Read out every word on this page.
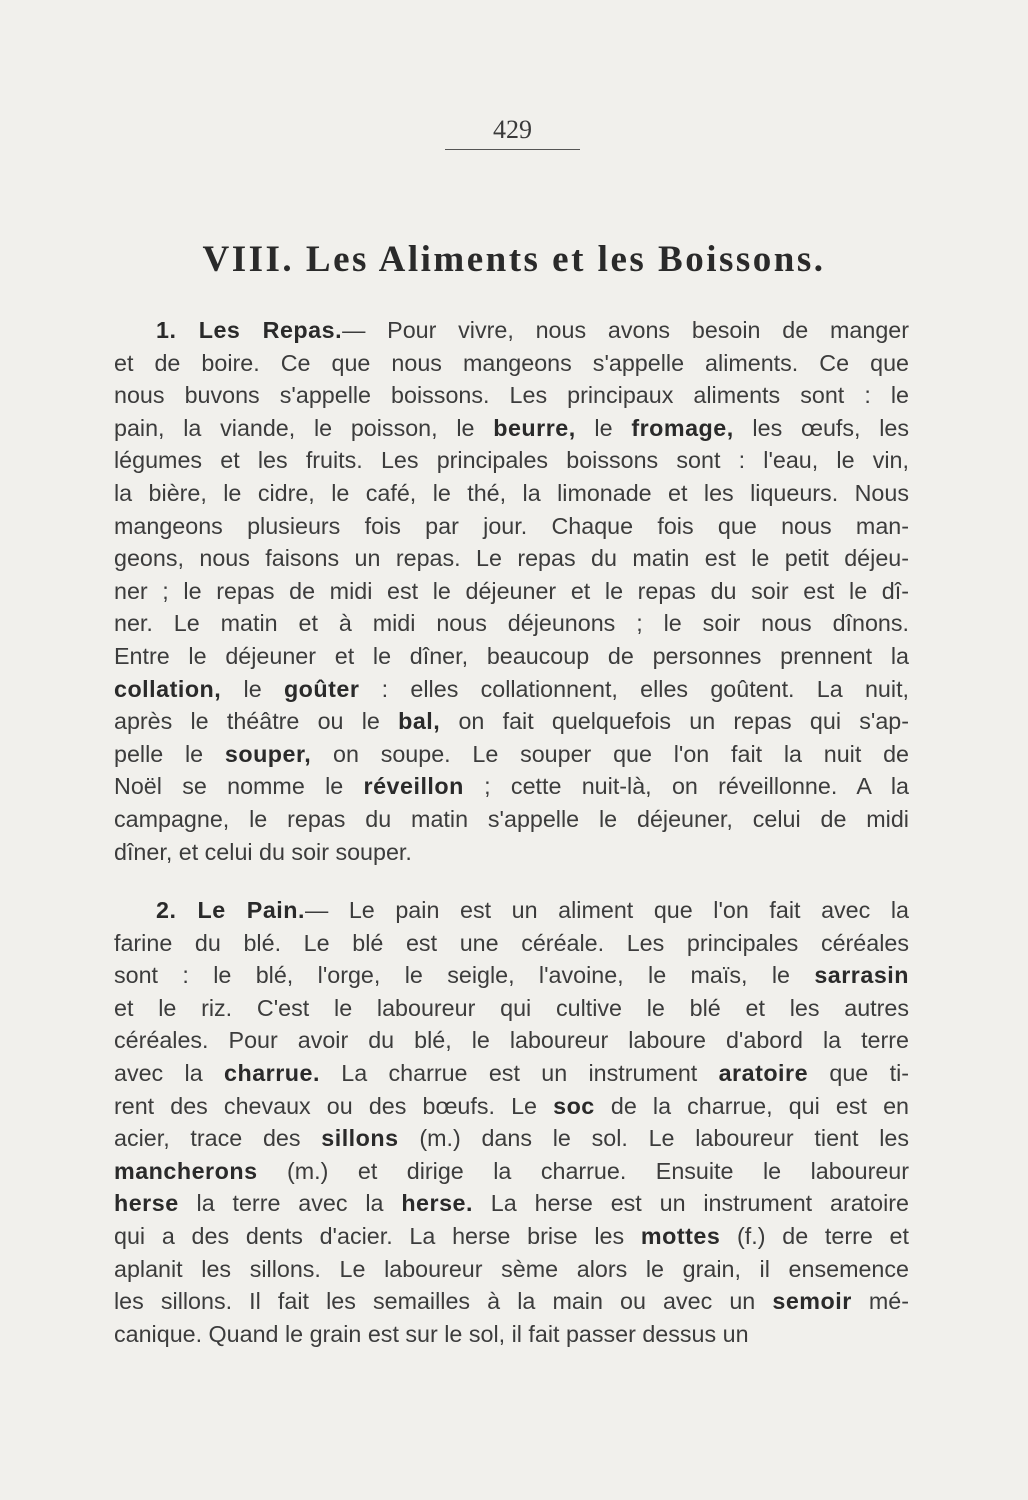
429
VIII. Les Aliments et les Boissons.
1. Les Repas.— Pour vivre, nous avons besoin de manger
et de boire. Ce que nous mangeons s'appelle aliments. Ce que
nous buvons s'appelle boissons. Les principaux aliments sont : le
pain, la viande, le poisson, le beurre, le fromage, les œufs, les
légumes et les fruits. Les principales boissons sont : l'eau, le vin,
la bière, le cidre, le café, le thé, la limonade et les liqueurs. Nous
mangeons plusieurs fois par jour. Chaque fois que nous man-
geons, nous faisons un repas. Le repas du matin est le petit déjeu-
ner ; le repas de midi est le déjeuner et le repas du soir est le dî-
ner. Le matin et à midi nous déjeunons ; le soir nous dînons.
Entre le déjeuner et le dîner, beaucoup de personnes prennent la
collation, le goûter : elles collationnent, elles goûtent. La nuit,
après le théâtre ou le bal, on fait quelquefois un repas qui s'ap-
pelle le souper, on soupe. Le souper que l'on fait la nuit de
Noël se nomme le réveillon ; cette nuit-là, on réveillonne. A la
campagne, le repas du matin s'appelle le déjeuner, celui de midi
dîner, et celui du soir souper.
2. Le Pain.— Le pain est un aliment que l'on fait avec la
farine du blé. Le blé est une céréale. Les principales céréales
sont : le blé, l'orge, le seigle, l'avoine, le maïs, le sarrasin
et le riz. C'est le laboureur qui cultive le blé et les autres
céréales. Pour avoir du blé, le laboureur laboure d'abord la terre
avec la charrue. La charrue est un instrument aratoire que ti-
rent des chevaux ou des bœufs. Le soc de la charrue, qui est en
acier, trace des sillons (m.) dans le sol. Le laboureur tient les
mancherons (m.) et dirige la charrue. Ensuite le laboureur
herse la terre avec la herse. La herse est un instrument aratoire
qui a des dents d'acier. La herse brise les mottes (f.) de terre et
aplanit les sillons. Le laboureur sème alors le grain, il ensemence
les sillons. Il fait les semailles à la main ou avec un semoir mé-
canique. Quand le grain est sur le sol, il fait passer dessus un
